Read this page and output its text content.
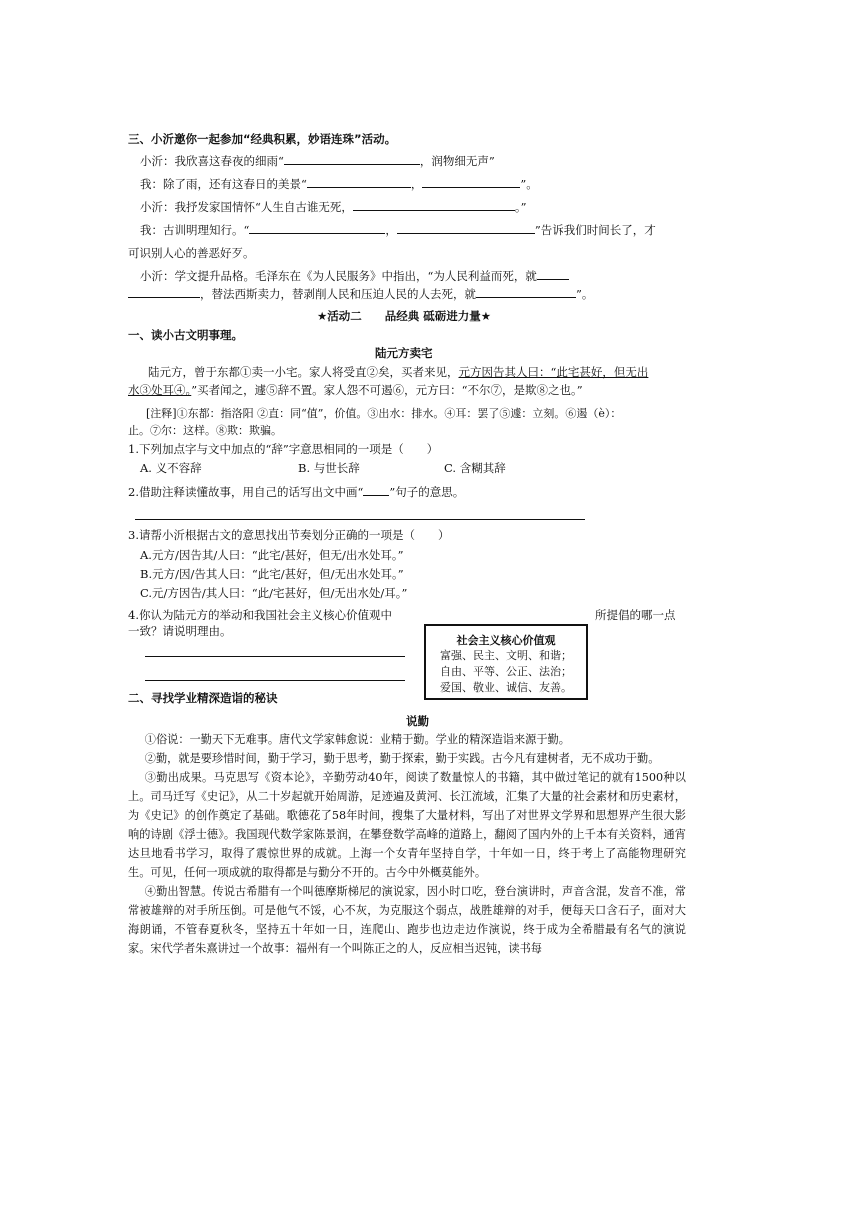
三、小沂邀你一起参加“经典积累，妙语连珠”活动。
小沂：我欣喜这春夜的细雨“	，润物细无声”
我：除了雨，还有这春日的美景“	，	”。
小沂：我抒发家国情怀“人生自古谁无死，	。”
我：古训明理知行。“	，	”告诉我们时间长了，才
可识别人心的善恶好歹。
小沂：学文提升品格。毛泽东在《为人民服务》中指出，“为人民利益而死，就
，替法西斯卖力，替剥削人民和压迫人民的人去死，就	”。
★活动二　　品经典 砥砺进力量★
一、读小古文明事理。
陆元方卖宅
陆元方，曾于东都①卖一小宅。家人将受直②矣，买者来见，元方因告其人曰：“此宅甚好，但无出
水③处耳④。”买者闻之，遽⑤辞不置。家人怨不可遏⑥，元方曰：“不尔⑦，是欺⑧之也。”
[注释]①东都：指洛阳 ②直：同“值”，价值。③出水：排水。④耳：罢了⑤遽：立刻。⑥遏（è）：
止。⑦尔：这样。⑧欺：欺骗。
1.下列加点字与文中加点的“辞”字意思相同的一项是（　　）
A. 义不容辞	B. 与世长辞	C. 含糊其辞
2.借助注释读懂故事，用自己的话写出文中画“ ”句子的意思。
3.请帮小沂根据古文的意思找出节奏划分正确的一项是（　　）
A.元方/因告其/人曰：“此宅/甚好，但无/出水处耳。”
B.元方/因/告其人曰：“此宅/甚好，但/无出水处耳。”
C.元/方因告/其人曰：“此/宅甚好，但/无出水处/耳。”
4.你认为陆元方的举动和我国社会主义核心价值观中	所提倡的哪一点
一致？请说明理由。
社会主义核心价值观
富强、民主、文明、和谐；
自由、平等、公正、法治；
爱国、敬业、诚信、友善。
二、寻找学业精深造诣的秘诀
说勤

①俗说：一勤天下无难事。唐代文学家韩愈说：业精于勤。学业的精深造诣来源于勤。

②勤，就是要珍惜时间，勤于学习，勤于思考，勤于探索，勤于实践。古今凡有建树者，无不成功于勤。

③勤出成果。马克思写《资本论》，辛勤劳动40年，阅读了数量惊人的书籍，其中做过笔记的就有1500种以上。司马迁写《史记》，从二十岁起就开始周游，足迹遍及黄河、长江流域，汇集了大量的社会素材和历史素材，为《史记》的创作奠定了基础。歌德花了58年时间，搜集了大量材料，写出了对世界文学界和思想界产生很大影响的诗剧《浮士德》。我国现代数学家陈景润，在攀登数学高峰的道路上，翻阅了国内外的上千本有关资料，通宵达旦地看书学习，取得了震惊世界的成就。上海一个女青年坚持自学，十年如一日，终于考上了高能物理研究生。可见，任何一项成就的取得都是与勤分不开的。古今中外概莫能外。

④勤出智慧。传说古希腊有一个叫德摩斯梯尼的演说家，因小时口吃，登台演讲时，声音含混，发音不准，常常被雄辩的对手所压倒。可是他气不馁，心不灰，为克服这个弱点，战胜雄辩的对手，便每天口含石子，面对大海朗诵，不管春夏秋冬，坚持五十年如一日，连爬山、跑步也边走边作演说，终于成为全希腊最有名气的演说家。宋代学者朱熹讲过一个故事：福州有一个叫陈正之的人，反应相当迟钝，读书每
